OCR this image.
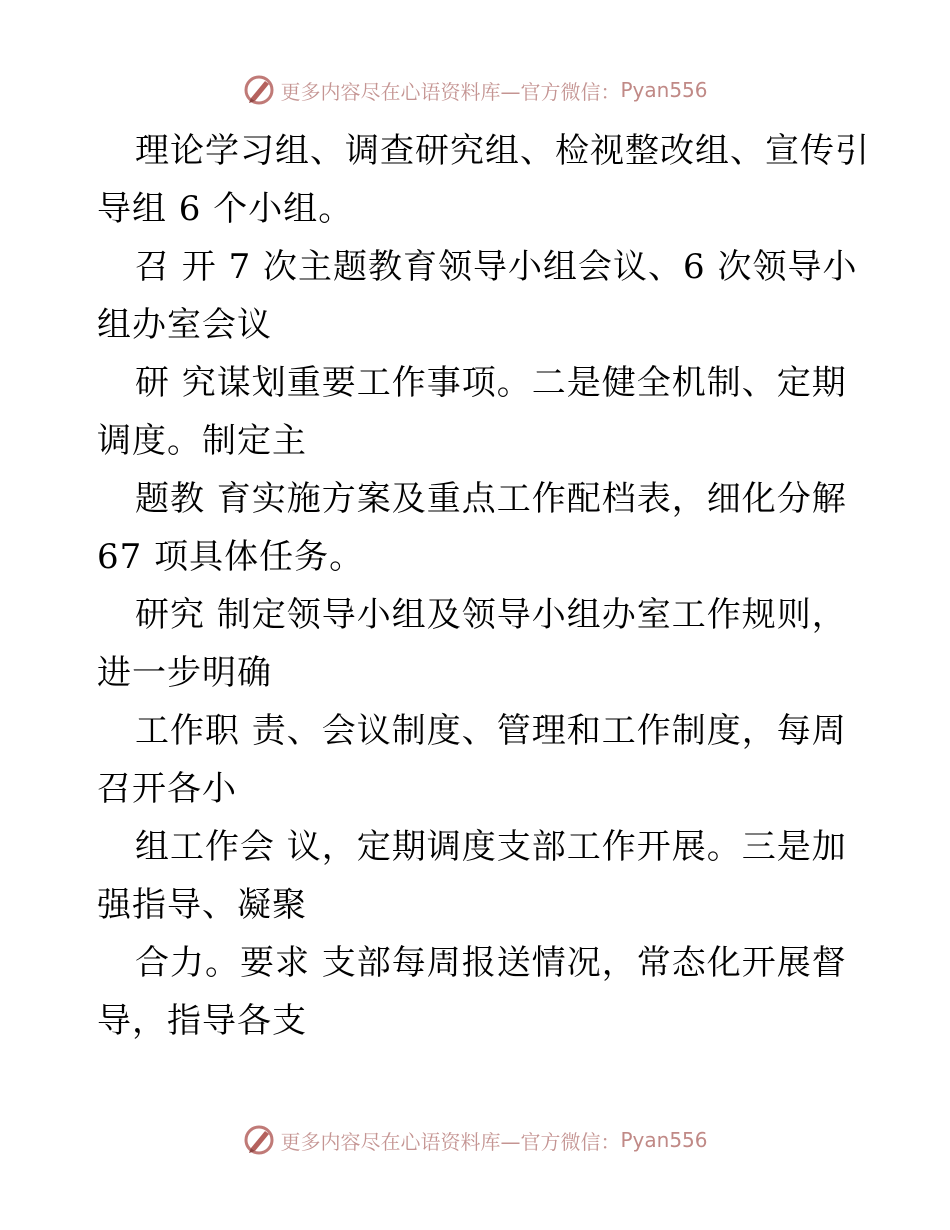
更多内容尽在心语资料库—官方微信： Pyan556
理论学习组、调查研究组、检视整改组、宣传引
导组 6 个小组。
召 开 7 次主题教育领导小组会议、6 次领导小
组办室会议
研 究谋划重要工作事项。二是健全机制、定期
调度。制定主
题教 育实施方案及重点工作配档表，细化分解
67 项具体任务。
研究 制定领导小组及领导小组办室工作规则，
进一步明确
工作职 责、会议制度、管理和工作制度，每周
召开各小
组工作会 议，定期调度支部工作开展。三是加
强指导、凝聚
合力。要求 支部每周报送情况，常态化开展督
导，指导各支
更多内容尽在心语资料库—官方微信： Pyan556
